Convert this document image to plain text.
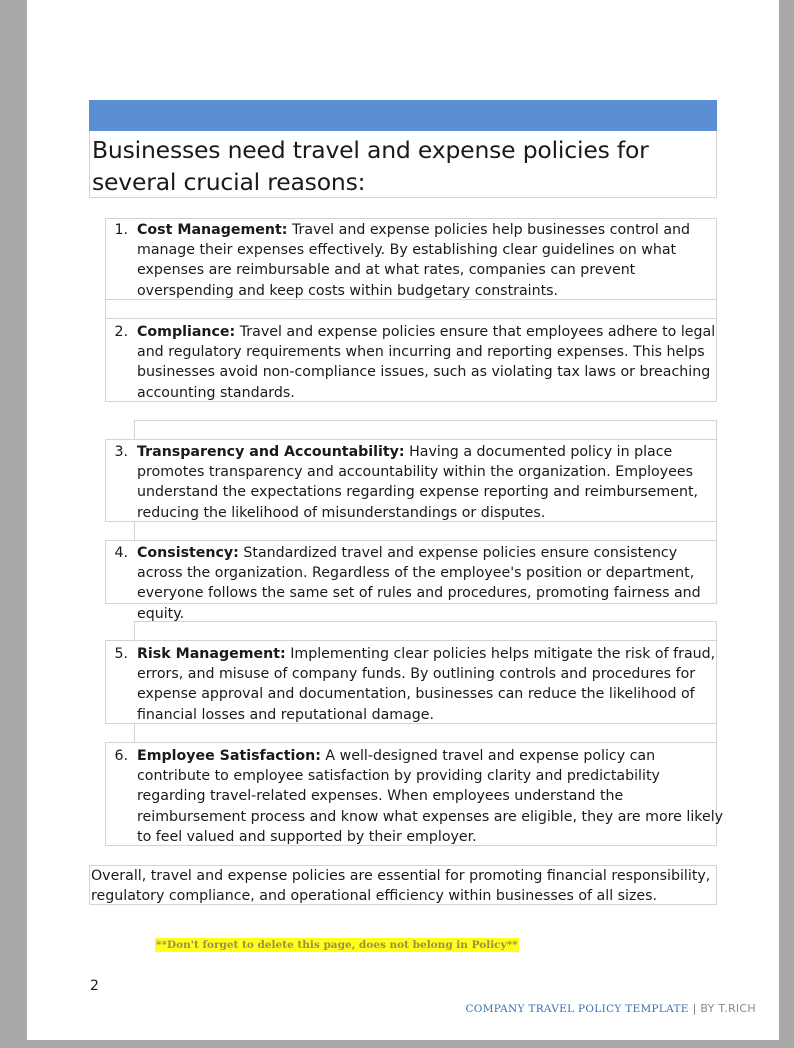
Businesses need travel and expense policies for several crucial reasons:
1. Cost Management: Travel and expense policies help businesses control and manage their expenses effectively. By establishing clear guidelines on what expenses are reimbursable and at what rates, companies can prevent overspending and keep costs within budgetary constraints.
2. Compliance: Travel and expense policies ensure that employees adhere to legal and regulatory requirements when incurring and reporting expenses. This helps businesses avoid non-compliance issues, such as violating tax laws or breaching accounting standards.
3. Transparency and Accountability: Having a documented policy in place promotes transparency and accountability within the organization. Employees understand the expectations regarding expense reporting and reimbursement, reducing the likelihood of misunderstandings or disputes.
4. Consistency: Standardized travel and expense policies ensure consistency across the organization. Regardless of the employee's position or department, everyone follows the same set of rules and procedures, promoting fairness and equity.
5. Risk Management: Implementing clear policies helps mitigate the risk of fraud, errors, and misuse of company funds. By outlining controls and procedures for expense approval and documentation, businesses can reduce the likelihood of financial losses and reputational damage.
6. Employee Satisfaction: A well-designed travel and expense policy can contribute to employee satisfaction by providing clarity and predictability regarding travel-related expenses. When employees understand the reimbursement process and know what expenses are eligible, they are more likely to feel valued and supported by their employer.
Overall, travel and expense policies are essential for promoting financial responsibility, regulatory compliance, and operational efficiency within businesses of all sizes.
**Don't forget to delete this page, does not belong in Policy**
2
COMPANY TRAVEL POLICY TEMPLATE | BY T.RICH
